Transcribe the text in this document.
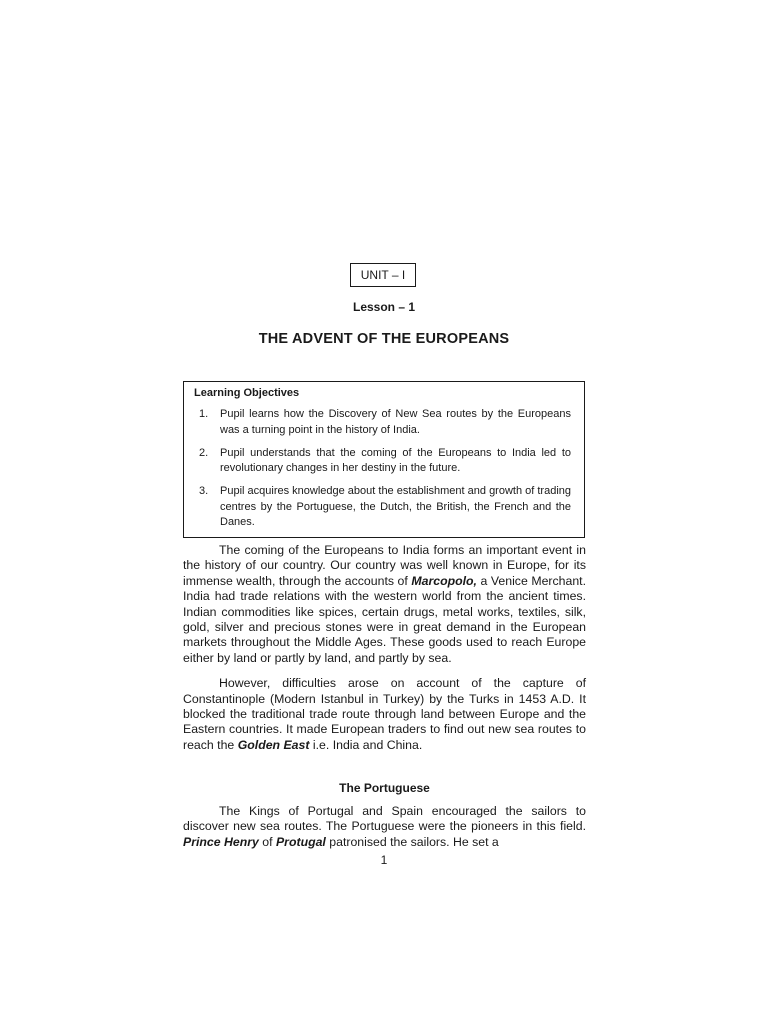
UNIT – I
Lesson – 1
THE ADVENT OF THE EUROPEANS
Learning Objectives
1.	Pupil learns how the Discovery of New Sea routes by the Europeans was a turning point in the history of India.
2.	Pupil understands that the coming of the Europeans to India led to revolutionary changes in her destiny in the future.
3.	Pupil acquires knowledge about the establishment and growth of trading centres by the Portuguese, the Dutch, the British, the French and the Danes.

The coming of the Europeans to India forms an important event in the history of our country. Our country was well known in Europe, for its immense wealth, through the accounts of Marcopolo, a Venice Merchant. India had trade relations with the western world from the ancient times. Indian commodities like spices, certain drugs, metal works, textiles, silk, gold, silver and precious stones were in great demand in the European markets throughout the Middle Ages. These goods used to reach Europe either by land or partly by land, and partly by sea.

However, difficulties arose on account of the capture of Constantinople (Modern Istanbul in Turkey) by the Turks in 1453 A.D. It blocked the traditional trade route through land between Europe and the Eastern countries. It made European traders to find out new sea routes to reach the Golden East i.e. India and China.

The Portuguese

The Kings of Portugal and Spain encouraged the sailors to discover new sea routes. The Portuguese were the pioneers in this field. Prince Henry of Protugal patronised the sailors. He set a

1
